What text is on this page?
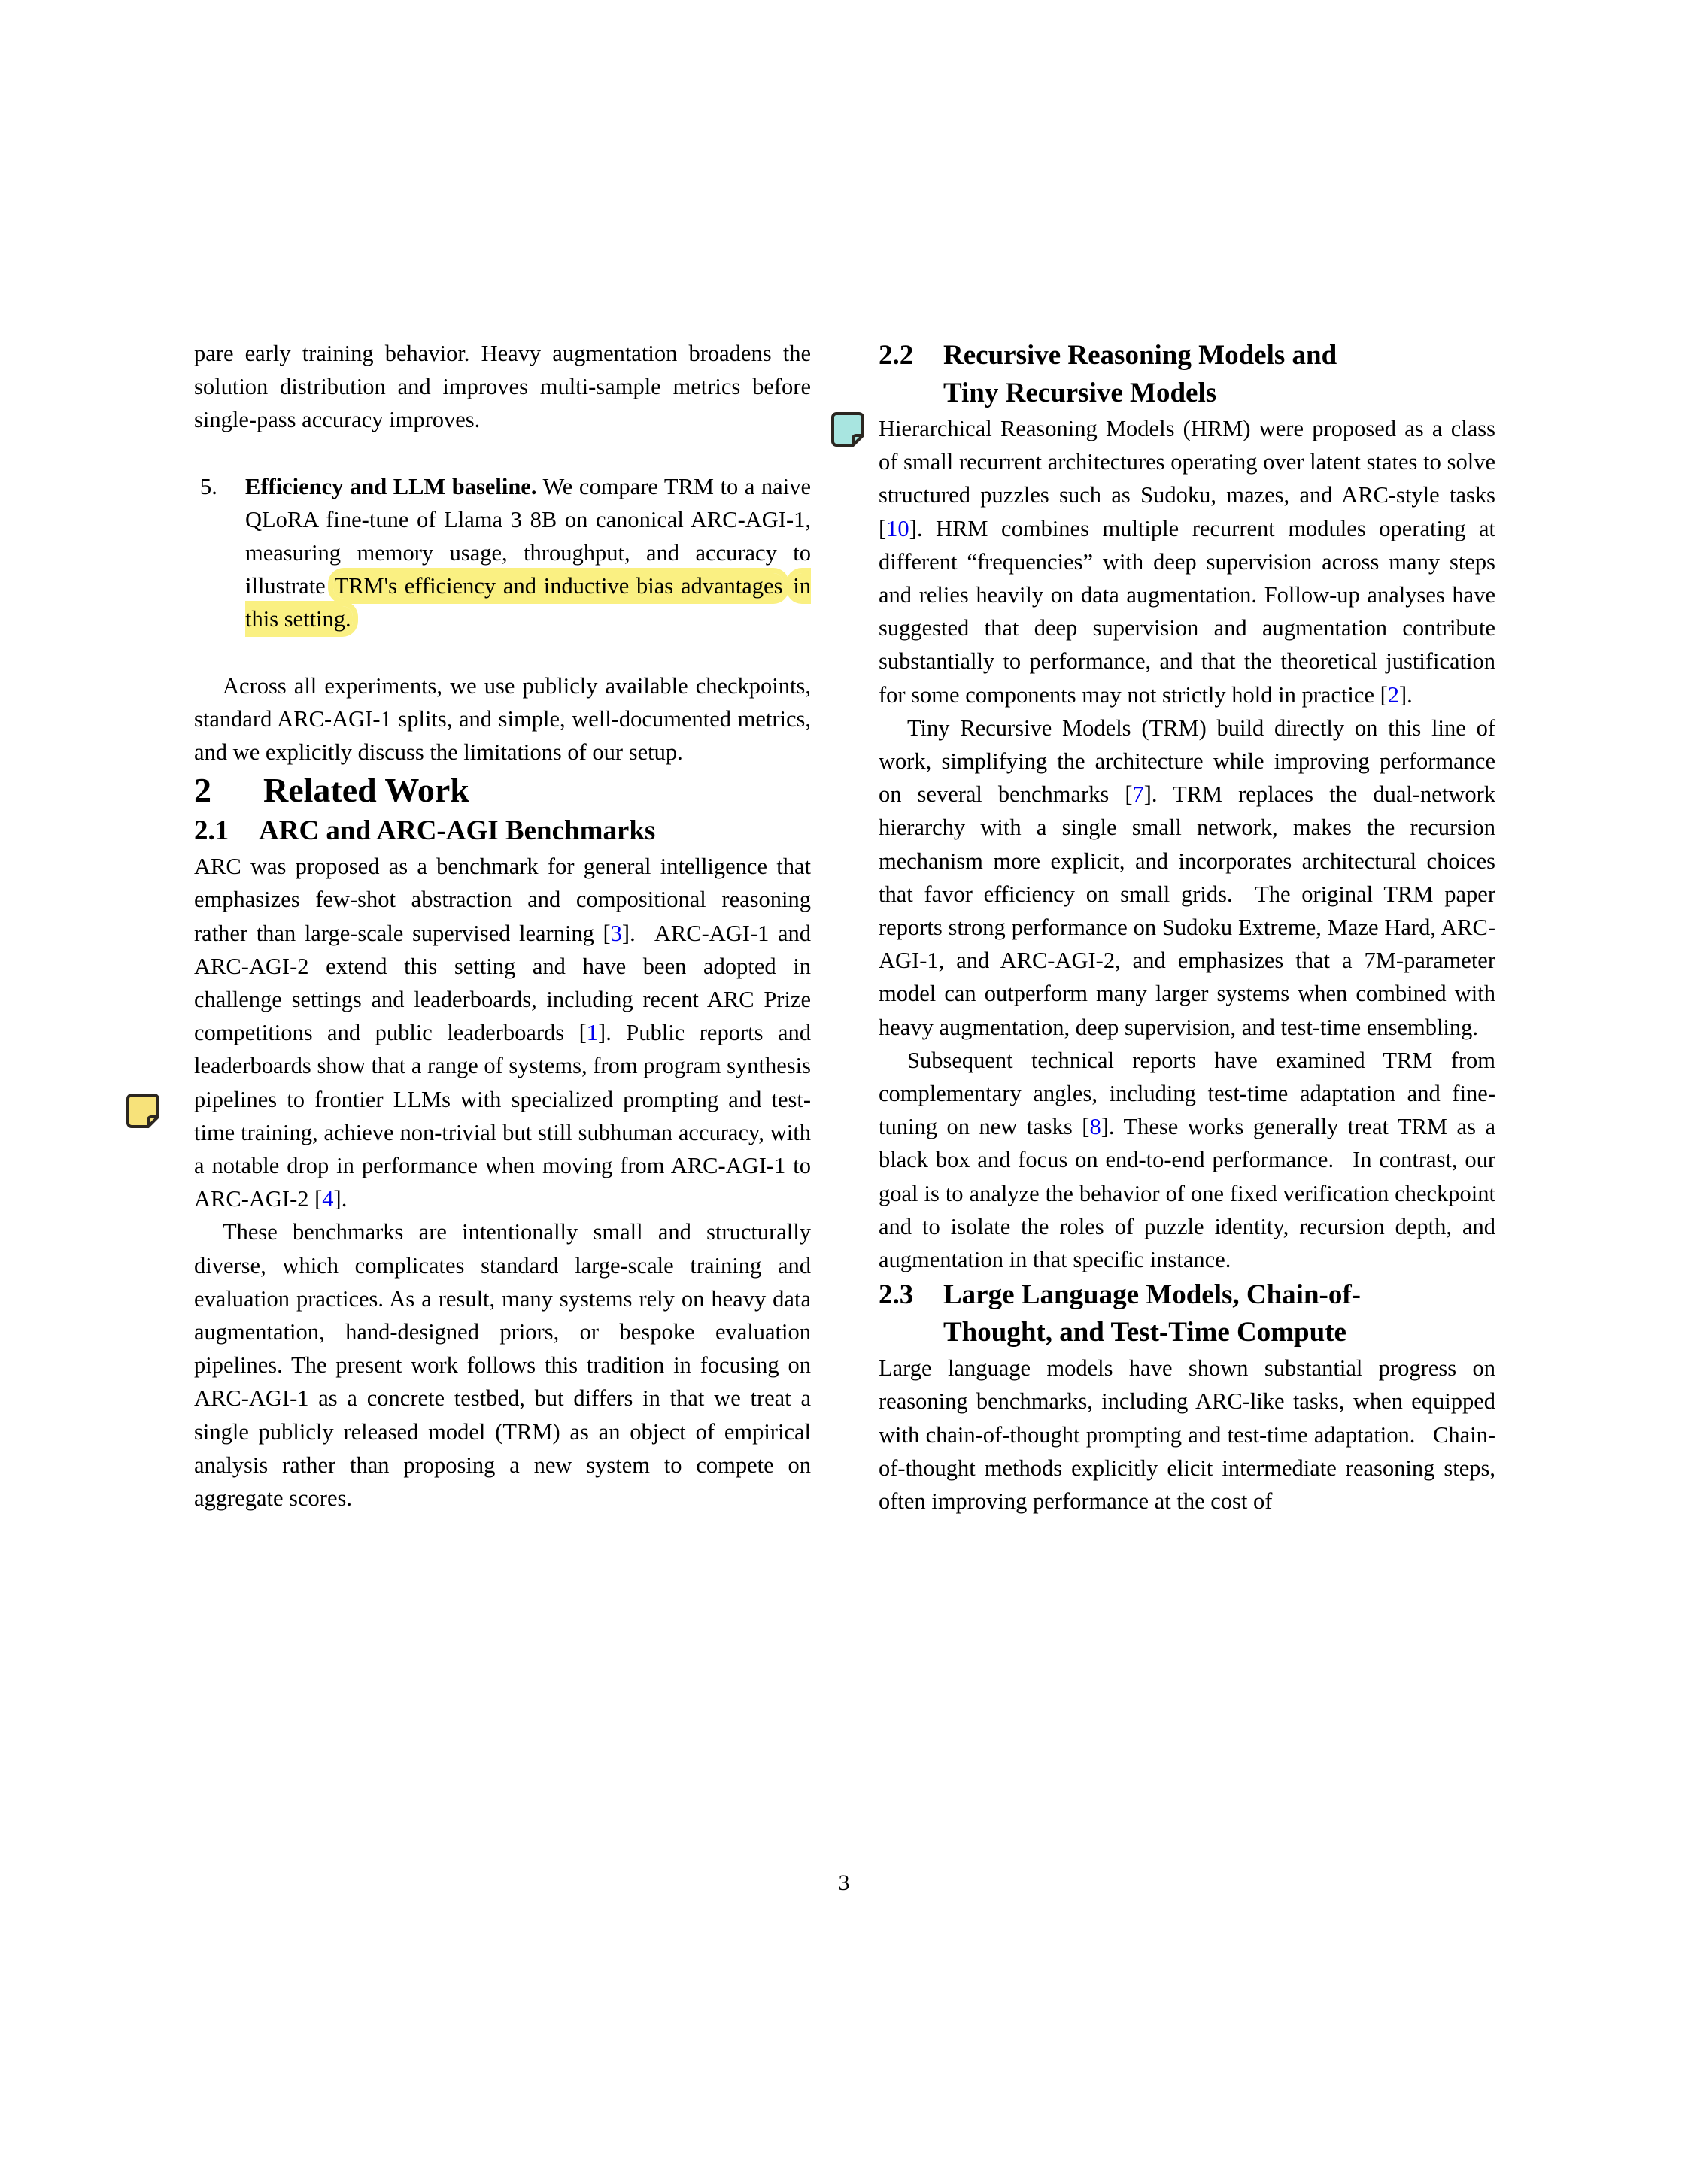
pare early training behavior. Heavy augmentation broadens the solution distribution and improves multi-sample metrics before single-pass accuracy improves.

5. Efficiency and LLM baseline. We compare TRM to a naive QLoRA fine-tune of Llama 3 8B on canonical ARC-AGI-1, measuring memory usage, throughput, and accuracy to illustrate TRM's efficiency and inductive bias advantages in this setting.

Across all experiments, we use publicly available checkpoints, standard ARC-AGI-1 splits, and simple, well-documented metrics, and we explicitly discuss the limitations of our setup.

2	Related Work
2.1	ARC and ARC-AGI Benchmarks

ARC was proposed as a benchmark for general intelligence that emphasizes few-shot abstraction and compositional reasoning rather than large-scale supervised learning [3].  ARC-AGI-1 and ARC-AGI-2 extend this setting and have been adopted in challenge settings and leaderboards, including recent ARC Prize competitions and public leaderboards [1]. Public reports and leaderboards show that a range of systems, from program synthesis pipelines to frontier LLMs with specialized prompting and test-time training, achieve non-trivial but still subhuman accuracy, with a notable drop in performance when moving from ARC-AGI-1 to ARC-AGI-2 [4].

These benchmarks are intentionally small and structurally diverse, which complicates standard large-scale training and evaluation practices. As a result, many systems rely on heavy data augmentation, hand-designed priors, or bespoke evaluation pipelines. The present work follows this tradition in focusing on ARC-AGI-1 as a concrete testbed, but differs in that we treat a single publicly released model (TRM) as an object of empirical analysis rather than proposing a new system to compete on aggregate scores.

2.2	Recursive Reasoning Models and
Tiny Recursive Models

Hierarchical Reasoning Models (HRM) were proposed as a class of small recurrent architectures operating over latent states to solve structured puzzles such as Sudoku, mazes, and ARC-style tasks [10]. HRM combines multiple recurrent modules operating at different “frequencies” with deep supervision across many steps and relies heavily on data augmentation. Follow-up analyses have suggested that deep supervision and augmentation contribute substantially to performance, and that the theoretical justification for some components may not strictly hold in practice [2].

Tiny Recursive Models (TRM) build directly on this line of work, simplifying the architecture while improving performance on several benchmarks [7]. TRM replaces the dual-network hierarchy with a single small network, makes the recursion mechanism more explicit, and incorporates architectural choices that favor efficiency on small grids.  The original TRM paper reports strong performance on Sudoku Extreme, Maze Hard, ARC-AGI-1, and ARC-AGI-2, and emphasizes that a 7M-parameter model can outperform many larger systems when combined with heavy augmentation, deep supervision, and test-time ensembling.

Subsequent technical reports have examined TRM from complementary angles, including test-time adaptation and fine-tuning on new tasks [8]. These works generally treat TRM as a black box and focus on end-to-end performance.  In contrast, our goal is to analyze the behavior of one fixed verification checkpoint and to isolate the roles of puzzle identity, recursion depth, and augmentation in that specific instance.

2.3	Large Language Models, Chain-of-
Thought, and Test-Time Compute

Large language models have shown substantial progress on reasoning benchmarks, including ARC-like tasks, when equipped with chain-of-thought prompting and test-time adaptation.  Chain-of-thought methods explicitly elicit intermediate reasoning steps, often improving performance at the cost of

3
